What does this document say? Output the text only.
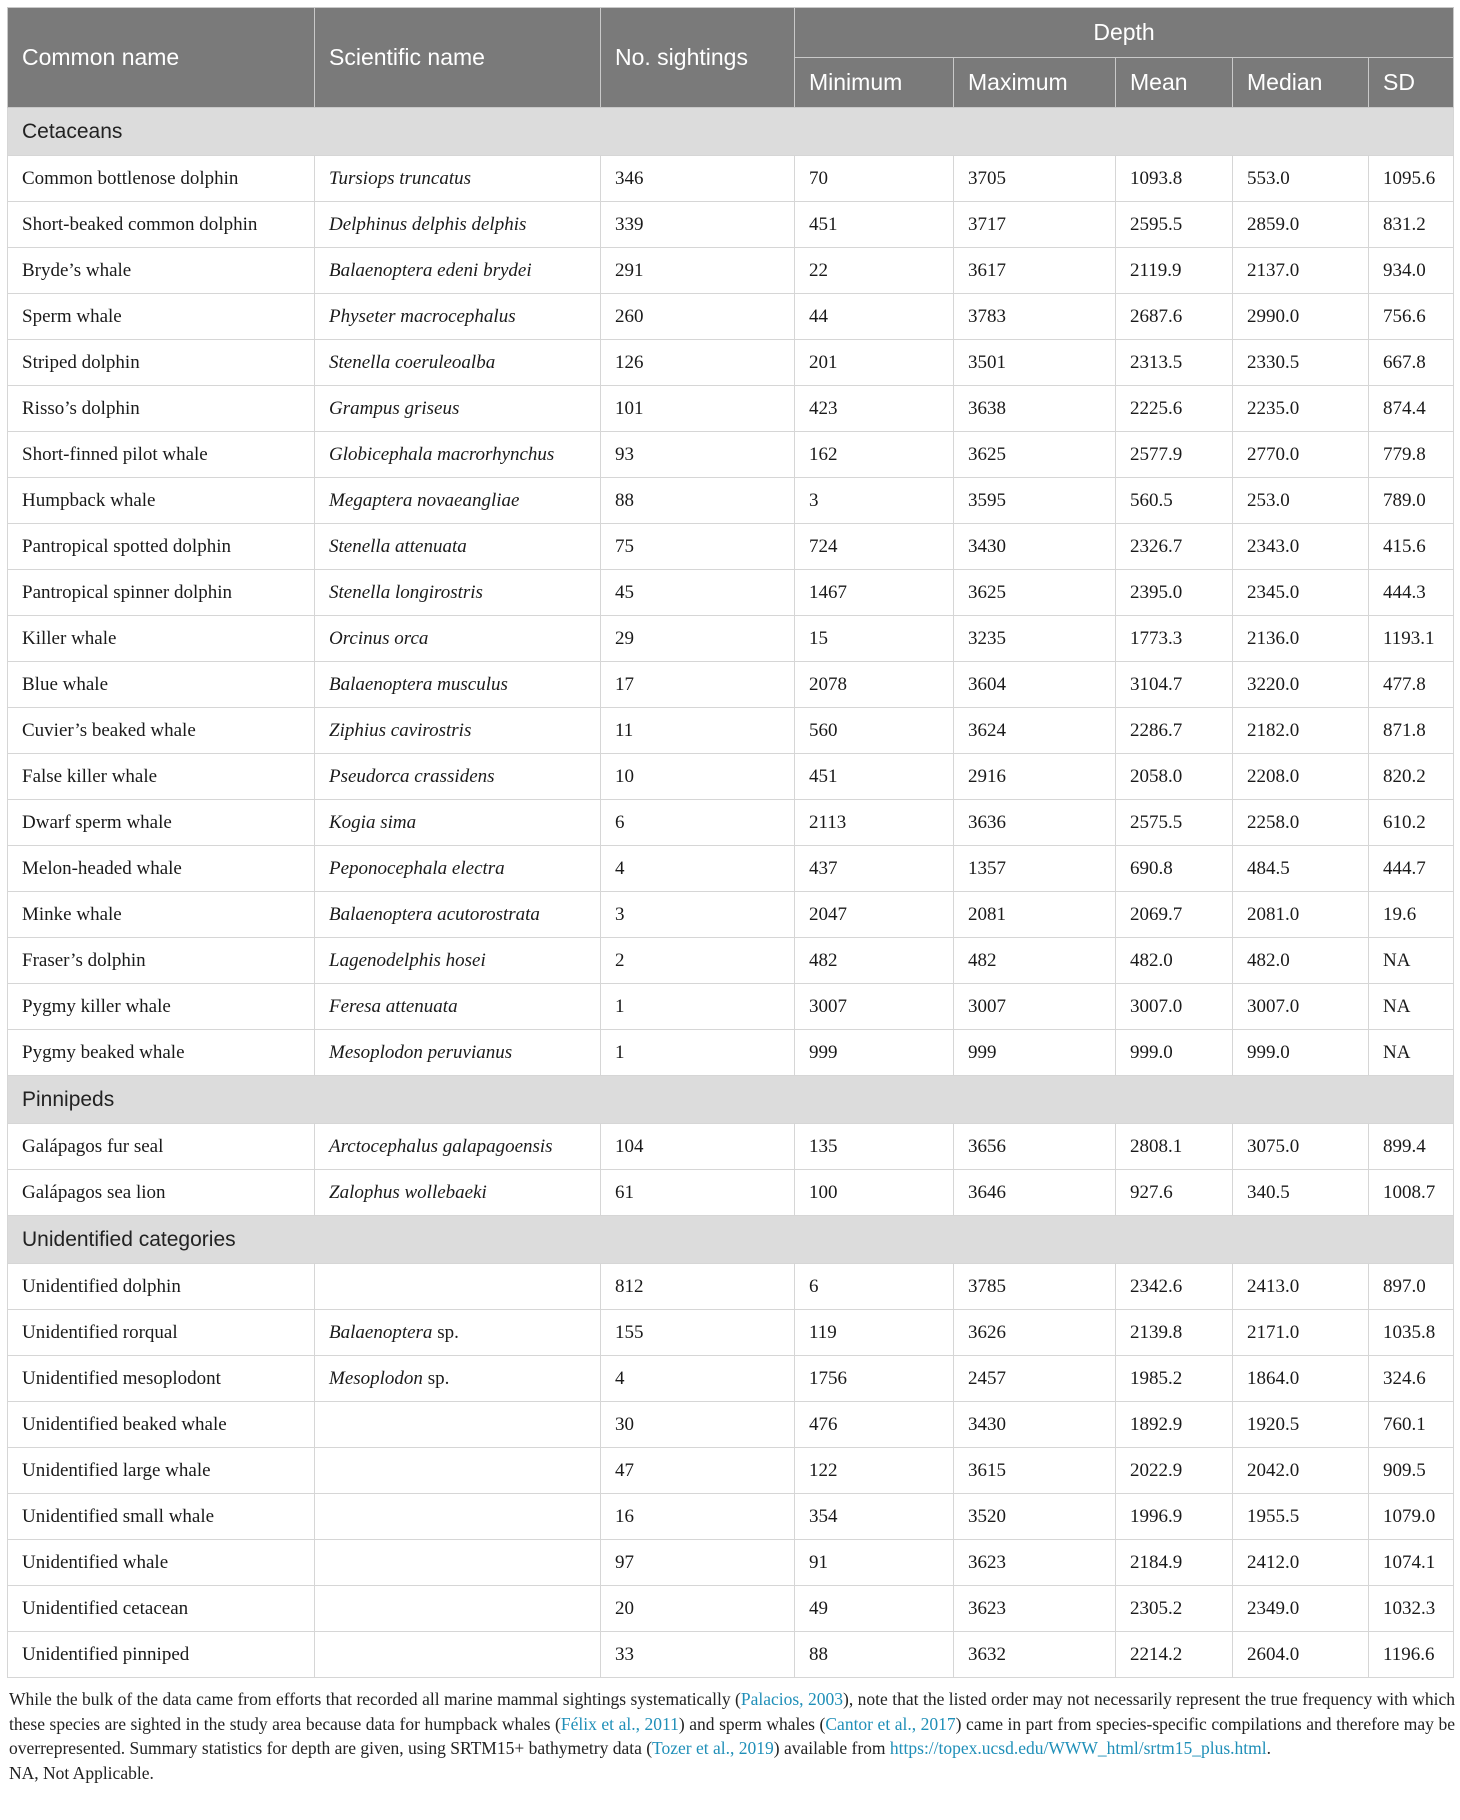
Common name	Scientific name	No. sightings	Depth				
			Minimum	Maximum	Mean	Median	SD
Cetaceans							
Common bottlenose dolphin	Tursiops truncatus	346	70	3705	1093.8	553.0	1095.6
Short-beaked common dolphin	Delphinus delphis delphis	339	451	3717	2595.5	2859.0	831.2
Bryde’s whale	Balaenoptera edeni brydei	291	22	3617	2119.9	2137.0	934.0
Sperm whale	Physeter macrocephalus	260	44	3783	2687.6	2990.0	756.6
Striped dolphin	Stenella coeruleoalba	126	201	3501	2313.5	2330.5	667.8
Risso’s dolphin	Grampus griseus	101	423	3638	2225.6	2235.0	874.4
Short-finned pilot whale	Globicephala macrorhynchus	93	162	3625	2577.9	2770.0	779.8
Humpback whale	Megaptera novaeangliae	88	3	3595	560.5	253.0	789.0
Pantropical spotted dolphin	Stenella attenuata	75	724	3430	2326.7	2343.0	415.6
Pantropical spinner dolphin	Stenella longirostris	45	1467	3625	2395.0	2345.0	444.3
Killer whale	Orcinus orca	29	15	3235	1773.3	2136.0	1193.1
Blue whale	Balaenoptera musculus	17	2078	3604	3104.7	3220.0	477.8
Cuvier’s beaked whale	Ziphius cavirostris	11	560	3624	2286.7	2182.0	871.8
False killer whale	Pseudorca crassidens	10	451	2916	2058.0	2208.0	820.2
Dwarf sperm whale	Kogia sima	6	2113	3636	2575.5	2258.0	610.2
Melon-headed whale	Peponocephala electra	4	437	1357	690.8	484.5	444.7
Minke whale	Balaenoptera acutorostrata	3	2047	2081	2069.7	2081.0	19.6
Fraser’s dolphin	Lagenodelphis hosei	2	482	482	482.0	482.0	NA
Pygmy killer whale	Feresa attenuata	1	3007	3007	3007.0	3007.0	NA
Pygmy beaked whale	Mesoplodon peruvianus	1	999	999	999.0	999.0	NA
Pinnipeds							
Galápagos fur seal	Arctocephalus galapagoensis	104	135	3656	2808.1	3075.0	899.4
Galápagos sea lion	Zalophus wollebaeki	61	100	3646	927.6	340.5	1008.7
Unidentified categories							
Unidentified dolphin		812	6	3785	2342.6	2413.0	897.0
Unidentified rorqual	Balaenoptera sp.	155	119	3626	2139.8	2171.0	1035.8
Unidentified mesoplodont	Mesoplodon sp.	4	1756	2457	1985.2	1864.0	324.6
Unidentified beaked whale		30	476	3430	1892.9	1920.5	760.1
Unidentified large whale		47	122	3615	2022.9	2042.0	909.5
Unidentified small whale		16	354	3520	1996.9	1955.5	1079.0
Unidentified whale		97	91	3623	2184.9	2412.0	1074.1
Unidentified cetacean		20	49	3623	2305.2	2349.0	1032.3
Unidentified pinniped		33	88	3632	2214.2	2604.0	1196.6
While the bulk of the data came from efforts that recorded all marine mammal sightings systematically (Palacios, 2003), note that the listed order may not necessarily represent the true frequency with which these species are sighted in the study area because data for humpback whales (Félix et al., 2011) and sperm whales (Cantor et al., 2017) came in part from species-specific compilations and therefore may be overrepresented. Summary statistics for depth are given, using SRTM15+ bathymetry data (Tozer et al., 2019) available from https://topex.ucsd.edu/WWW_html/srtm15_plus.html.
NA, Not Applicable.
